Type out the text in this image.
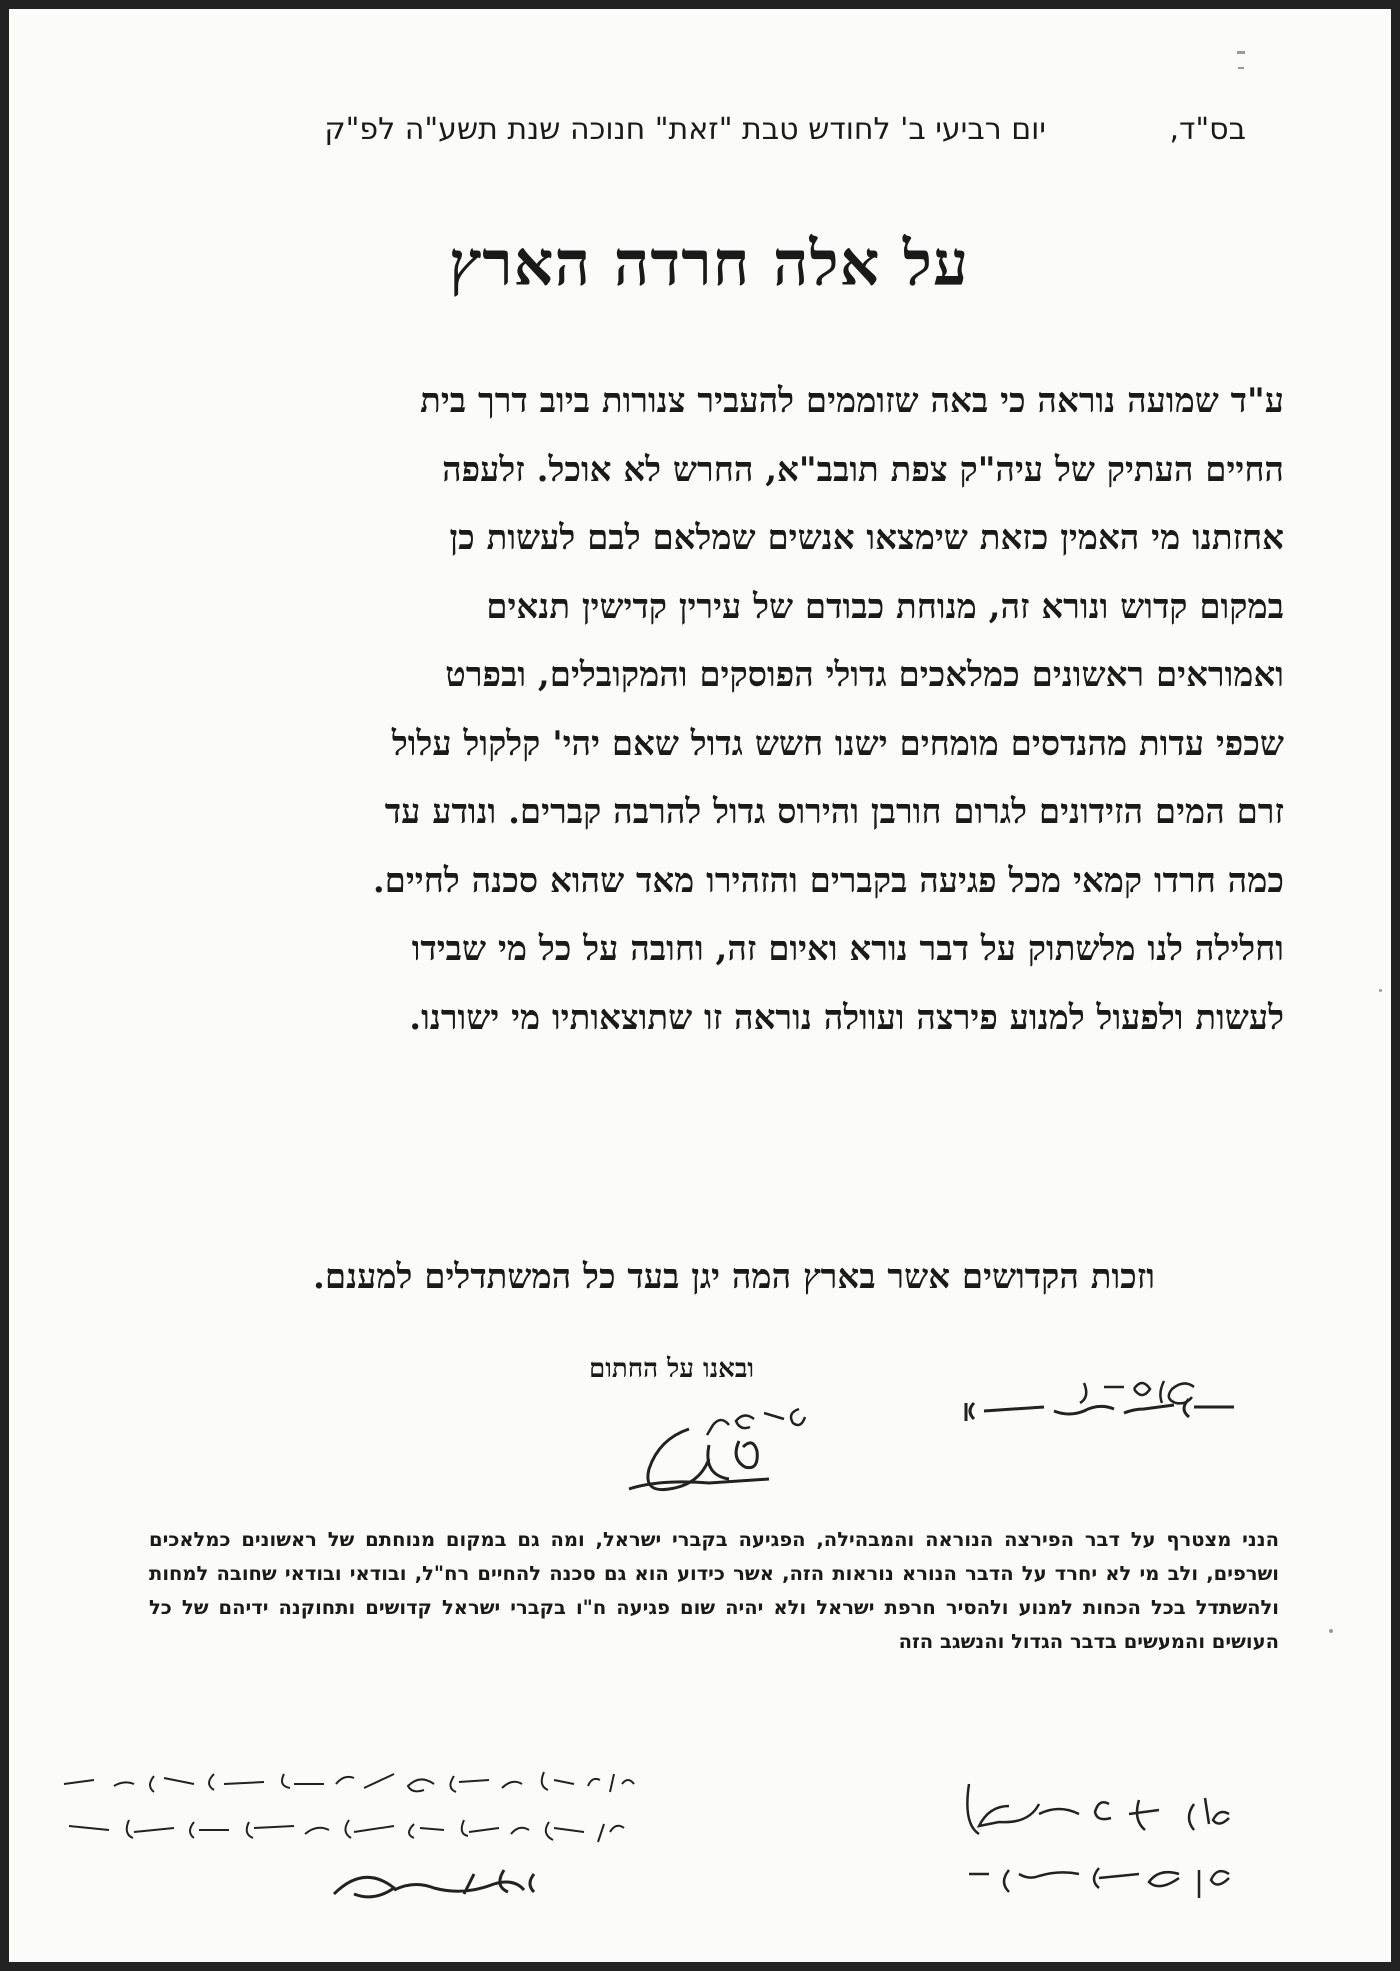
בס"ד,
יום רביעי ב' לחודש טבת "זאת" חנוכה שנת תשע"ה לפ"ק
על אלה חרדה הארץ
ע"ד שמועה נוראה כי באה שזוממים להעביר צנורות ביוב דרך בית
החיים העתיק של עיה"ק צפת תובב"א, החרש לא אוכל. זלעפה
אחזתנו מי האמין כזאת שימצאו אנשים שמלאם לבם לעשות כן
במקום קדוש ונורא זה, מנוחת כבודם של עירין קדישין תנאים
ואמוראים ראשונים כמלאכים גדולי הפוסקים והמקובלים, ובפרט
שכפי עדות מהנדסים מומחים ישנו חשש גדול שאם יהי' קלקול עלול
זרם המים הזידונים לגרום חורבן והירוס גדול להרבה קברים. ונודע עד
כמה חרדו קמאי מכל פגיעה בקברים והזהירו מאד שהוא סכנה לחיים.
וחלילה לנו מלשתוק על דבר נורא ואיום זה, וחובה על כל מי שבידו
לעשות ולפעול למנוע פירצה ועוולה נוראה זו שתוצאותיו מי ישורנו.
וזכות הקדושים אשר בארץ המה יגן בעד כל המשתדלים למענם.
ובאנו על החתום
הנני מצטרף על דבר הפירצה הנוראה והמבהילה, הפגיעה בקברי ישראל, ומה גם במקום מנוחתם של ראשונים כמלאכים ושרפים, ולב מי לא יחרד על הדבר הנורא נוראות הזה, אשר כידוע הוא גם סכנה להחיים רח"ל, ובודאי ובודאי שחובה למחות ולהשתדל בכל הכחות למנוע ולהסיר חרפת ישראל ולא יהיה שום פגיעה ח"ו בקברי ישראל קדושים ותחוקנה ידיהם של כל העושים והמעשים בדבר הגדול והנשגב הזה
